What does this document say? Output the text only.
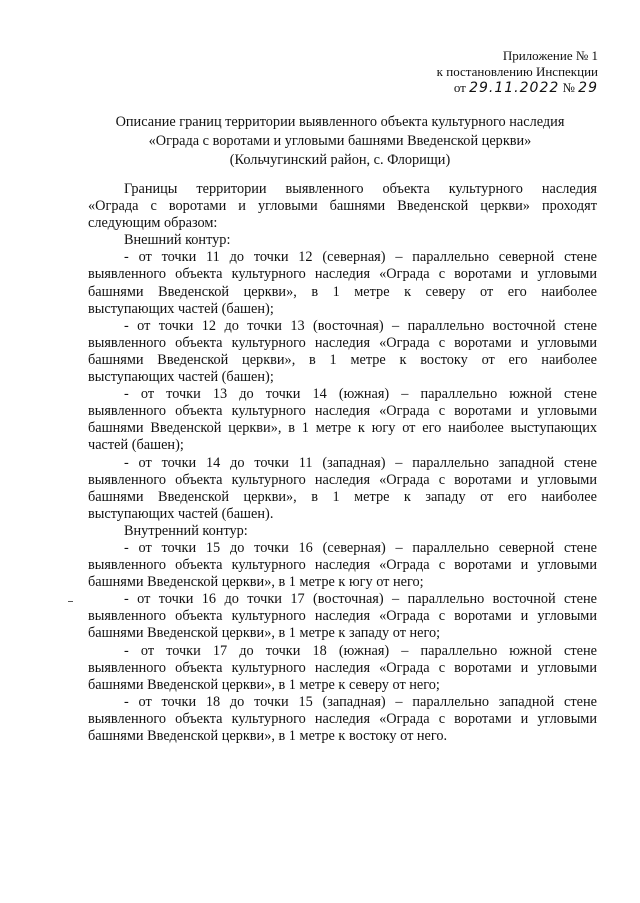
Приложение № 1
к постановлению Инспекции
от 29.11.2022 № 29
Описание границ территории выявленного объекта культурного наследия
«Ограда с воротами и угловыми башнями Введенской церкви»
(Кольчугинский район, с. Флорищи)

Границы территории выявленного объекта культурного наследия
«Ограда с воротами и угловыми башнями Введенской церкви» проходят
следующим образом:

Внешний контур:

- от точки 11 до точки 12 (северная) – параллельно северной стене
выявленного объекта культурного наследия «Ограда с воротами и угловыми
башнями Введенской церкви», в 1 метре к северу от его наиболее
выступающих частей (башен);

- от точки 12 до точки 13 (восточная) – параллельно восточной стене
выявленного объекта культурного наследия «Ограда с воротами и угловыми
башнями Введенской церкви», в 1 метре к востоку от его наиболее
выступающих частей (башен);

- от точки 13 до точки 14 (южная) – параллельно южной стене
выявленного объекта культурного наследия «Ограда с воротами и угловыми
башнями Введенской церкви», в 1 метре к югу от его наиболее выступающих
частей (башен);

- от точки 14 до точки 11 (западная) – параллельно западной стене
выявленного объекта культурного наследия «Ограда с воротами и угловыми
башнями Введенской церкви», в 1 метре к западу от его наиболее
выступающих частей (башен).

Внутренний контур:

- от точки 15 до точки 16 (северная) – параллельно северной стене
выявленного объекта культурного наследия «Ограда с воротами и угловыми
башнями Введенской церкви», в 1 метре к югу от него;

- от точки 16 до точки 17 (восточная) – параллельно восточной стене
выявленного объекта культурного наследия «Ограда с воротами и угловыми
башнями Введенской церкви», в 1 метре к западу от него;

- от точки 17 до точки 18 (южная) – параллельно южной стене
выявленного объекта культурного наследия «Ограда с воротами и угловыми
башнями Введенской церкви», в 1 метре к северу от него;

- от точки 18 до точки 15 (западная) – параллельно западной стене
выявленного объекта культурного наследия «Ограда с воротами и угловыми
башнями Введенской церкви», в 1 метре к востоку от него.
